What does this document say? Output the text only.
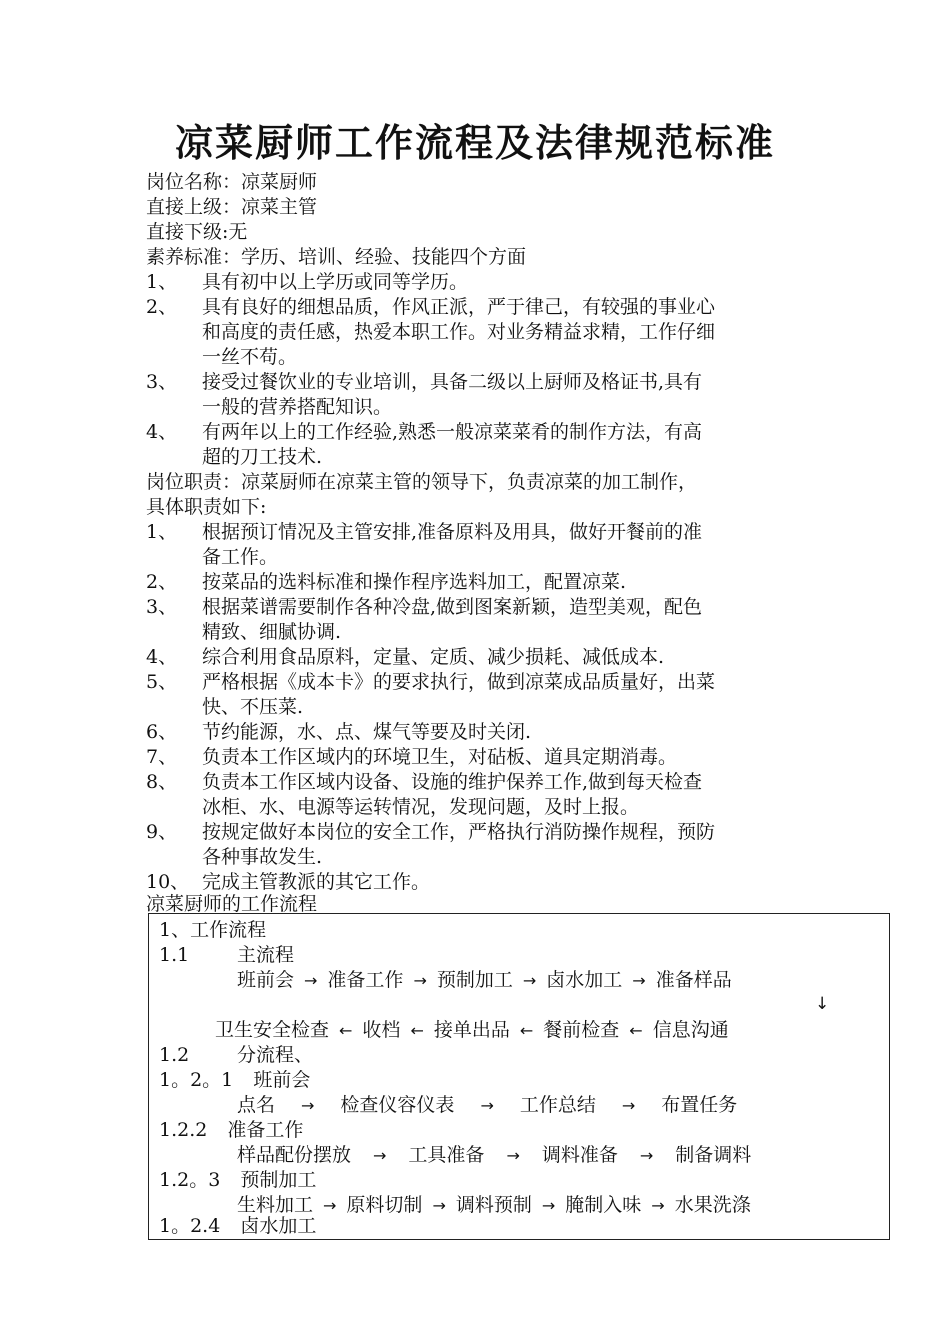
凉菜厨师工作流程及法律规范标准
岗位名称：凉菜厨师
直接上级：凉菜主管
直接下级:无
素养标准：学历、培训、经验、技能四个方面
1、 具有初中以上学历或同等学历。
2、 具有良好的细想品质，作风正派，严于律己，有较强的事业心
和高度的责任感，热爱本职工作。对业务精益求精，工作仔细
一丝不苟。
3、 接受过餐饮业的专业培训，具备二级以上厨师及格证书,具有
一般的营养搭配知识。
4、 有两年以上的工作经验,熟悉一般凉菜菜肴的制作方法，有高
超的刀工技术.
岗位职责：凉菜厨师在凉菜主管的领导下，负责凉菜的加工制作，
具体职责如下:
1、 根据预订情况及主管安排,准备原料及用具，做好开餐前的准
备工作。
2、 按菜品的选料标准和操作程序选料加工，配置凉菜.
3、 根据菜谱需要制作各种冷盘,做到图案新颖，造型美观，配色
精致、细腻协调.
4、 综合利用食品原料，定量、定质、减少损耗、减低成本.
5、 严格根据《成本卡》的要求执行，做到凉菜成品质量好，出菜
快、不压菜.
6、 节约能源，水、点、煤气等要及时关闭.
7、 负责本工作区域内的环境卫生，对砧板、道具定期消毒。
8、 负责本工作区域内设备、设施的维护保养工作,做到每天检查
冰柜、水、电源等运转情况，发现问题，及时上报。
9、 按规定做好本岗位的安全工作，严格执行消防操作规程，预防
各种事故发生.
10、 完成主管教派的其它工作。
凉菜厨师的工作流程
1、工作流程
1.1	主流程
班前会 → 准备工作 → 预制加工 → 卤水加工 → 准备样品
↓
卫生安全检查 ← 收档 ← 接单出品 ← 餐前检查 ← 信息沟通
1.2	分流程、
1。2。1 班前会
点名 → 检查仪容仪表 → 工作总结 → 布置任务
1.2.2 准备工作
样品配份摆放 → 工具准备 → 调料准备 → 制备调料
1.2。3 预制加工
生料加工 → 原料切制 → 调料预制 → 腌制入味 → 水果洗涤
1。2.4 卤水加工
